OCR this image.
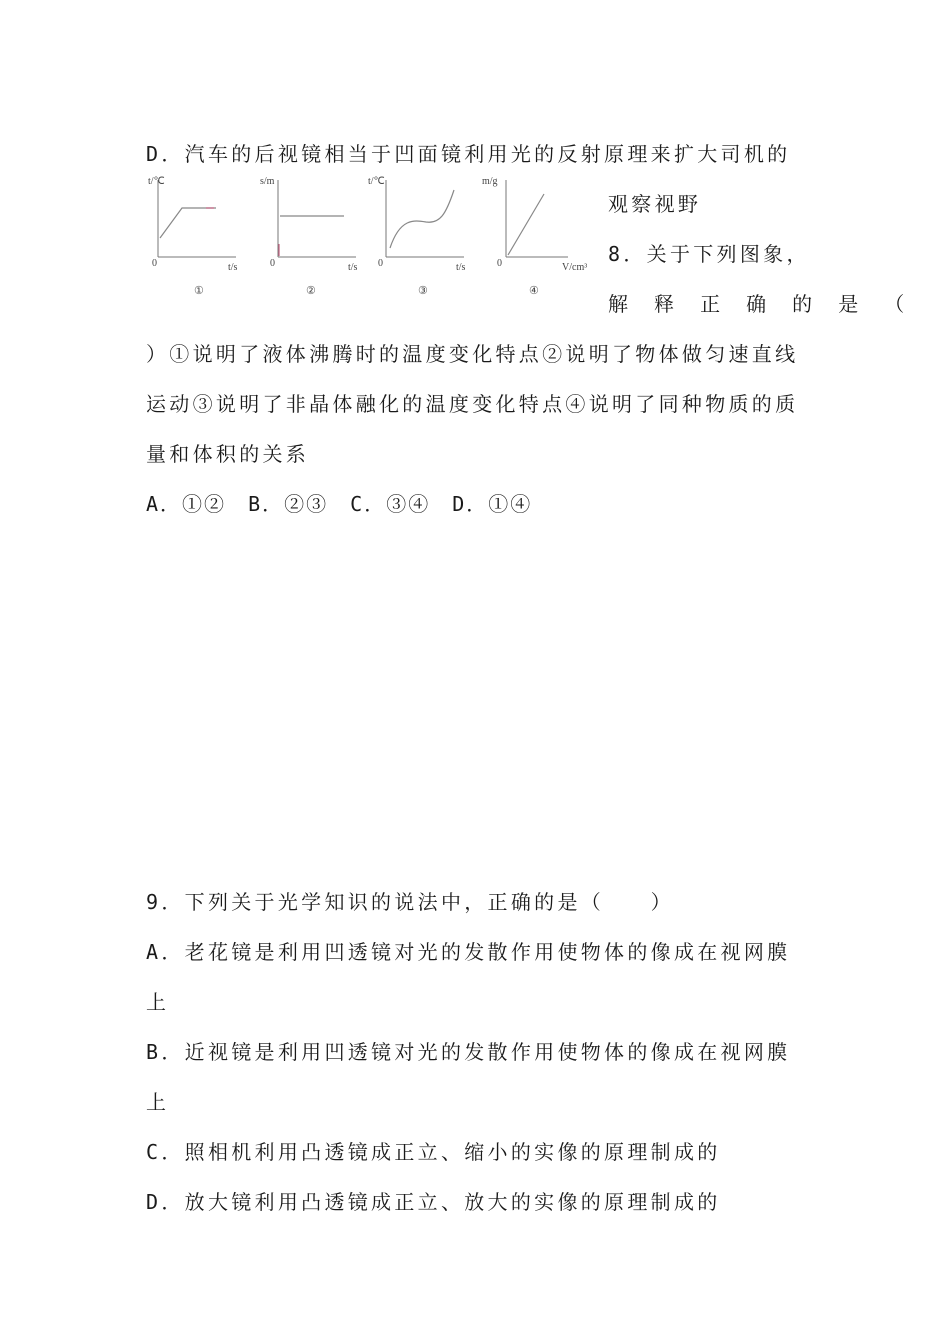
D．汽车的后视镜相当于凹面镜利用光的反射原理来扩大司机的
t/℃
t/s
0
①
s/m
t/s
0
②
t/℃
t/s
0
③
m/g
V/cm³
0
④
观察视野
8．关于下列图象，
解 释 正 确 的 是 （
）①说明了液体沸腾时的温度变化特点②说明了物体做匀速直线
运动③说明了非晶体融化的温度变化特点④说明了同种物质的质
量和体积的关系
A．①② B．②③ C．③④ D．①④
9．下列关于光学知识的说法中，正确的是（　　）
A．老花镜是利用凹透镜对光的发散作用使物体的像成在视网膜
上
B．近视镜是利用凹透镜对光的发散作用使物体的像成在视网膜
上
C．照相机利用凸透镜成正立、缩小的实像的原理制成的
D．放大镜利用凸透镜成正立、放大的实像的原理制成的
